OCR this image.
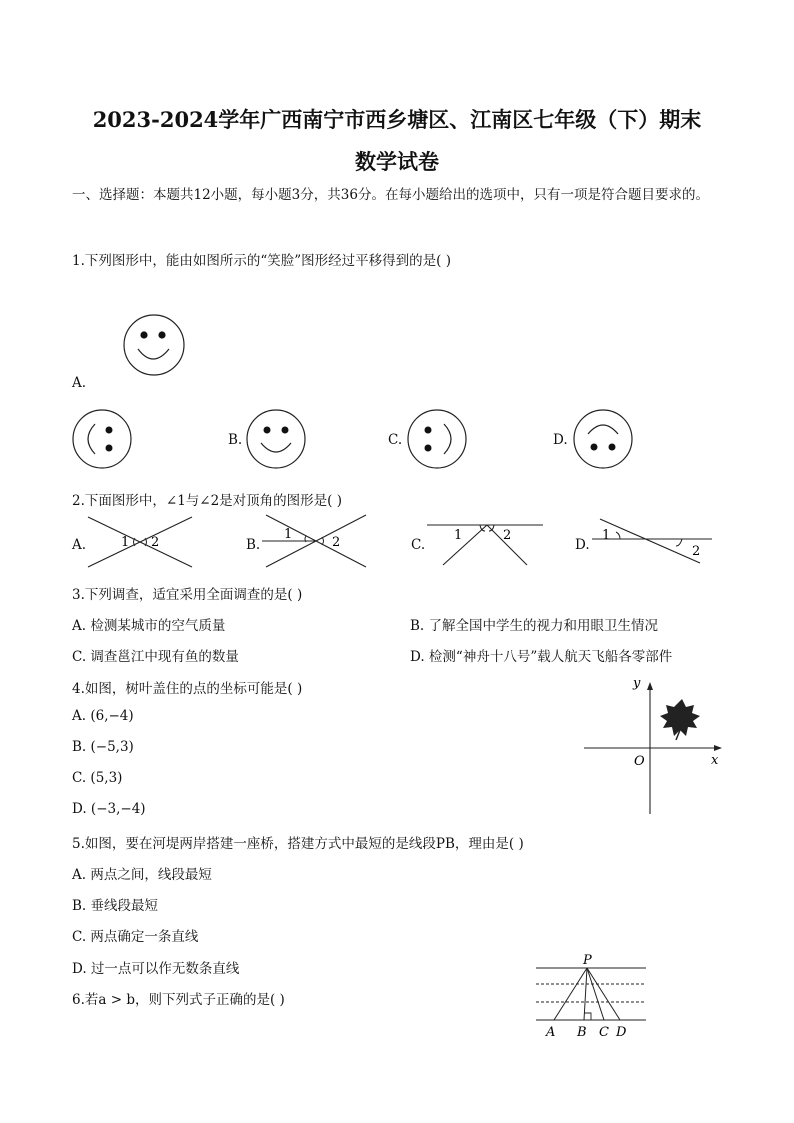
2023-2024学年广西南宁市西乡塘区、江南区七年级（下）期末
数学试卷
一、选择题：本题共12小题，每小题3分，共36分。在每小题给出的选项中，只有一项是符合题目要求的。
1.下列图形中，能由如图所示的“笑脸”图形经过平移得到的是( )
A.
B.	C.	D.
2.下面图形中，∠1与∠2是对顶角的图形是( )
A.	1 2	B.
1
2	C.
1	2
D.
1
2
3.下列调查，适宜采用全面调查的是( )
A. 检测某城市的空气质量	B. 了解全国中学生的视力和用眼卫生情况
C. 调查邕江中现有鱼的数量	D. 检测“神舟十八号”载人航天飞船各零部件
4.如图，树叶盖住的点的坐标可能是( )
A. (6,−4)
B. (−5,3)
C. (5,3)
D. (−3,−4)
y
x
O
5.如图，要在河堤两岸搭建一座桥，搭建方式中最短的是线段PB，理由是( )
A. 两点之间，线段最短
B. 垂线段最短
C. 两点确定一条直线
D. 过一点可以作无数条直线
P
A B C D
6.若a > b，则下列式子正确的是( )
